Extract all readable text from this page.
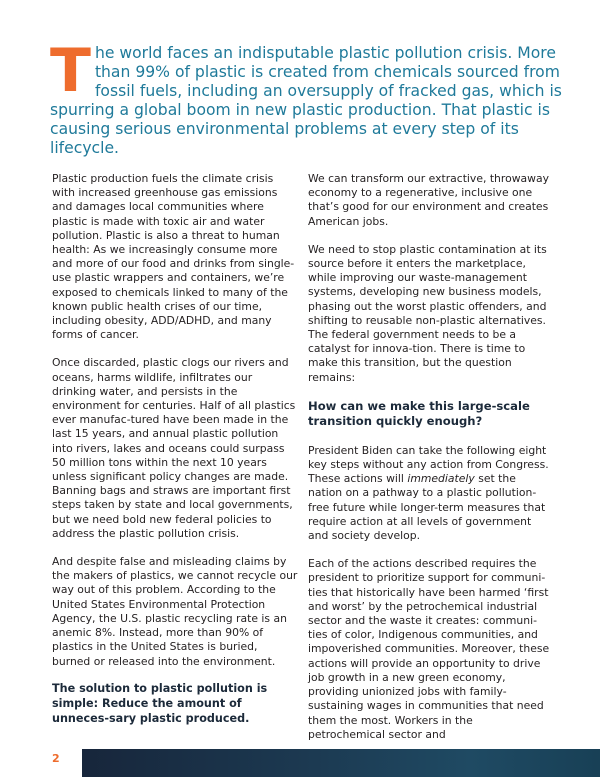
The world faces an indisputable plastic pollution crisis. More than 99% of plastic is created from chemicals sourced from fossil fuels, including an oversupply of fracked gas, which is spurring a global boom in new plastic production. That plastic is causing serious environmental problems at every step of its lifecycle.

Plastic production fuels the climate crisis with increased greenhouse gas emissions and damages local communities where plastic is made with toxic air and water pollution. Plastic is also a threat to human health: As we increasingly consume more and more of our food and drinks from single-use plastic wrappers and containers, we’re exposed to chemicals linked to many of the known public health crises of our time, including obesity, ADD/ADHD, and many forms of cancer.

Once discarded, plastic clogs our rivers and oceans, harms wildlife, infiltrates our drinking water, and persists in the environment for centuries. Half of all plastics ever manufac-tured have been made in the last 15 years, and annual plastic pollution into rivers, lakes and oceans could surpass 50 million tons within the next 10 years unless significant policy changes are made. Banning bags and straws are important first steps taken by state and local governments, but we need bold new federal policies to address the plastic pollution crisis.

And despite false and misleading claims by the makers of plastics, we cannot recycle our way out of this problem. According to the United States Environmental Protection Agency, the U.S. plastic recycling rate is an anemic 8%. Instead, more than 90% of plastics in the United States is buried, burned or released into the environment.

The solution to plastic pollution is simple: Reduce the amount of unneces-sary plastic produced.

We can transform our extractive, throwaway economy to a regenerative, inclusive one that’s good for our environment and creates American jobs.

We need to stop plastic contamination at its source before it enters the marketplace, while improving our waste-management systems, developing new business models, phasing out the worst plastic offenders, and shifting to reusable non-plastic alternatives. The federal government needs to be a catalyst for innova-tion. There is time to make this transition, but the question remains:

How can we make this large-scale transition quickly enough?

President Biden can take the following eight key steps without any action from Congress. These actions will immediately set the nation on a pathway to a plastic pollution-free future while longer-term measures that require action at all levels of government and society develop.

Each of the actions described requires the president to prioritize support for communi-ties that historically have been harmed ‘first and worst’ by the petrochemical industrial sector and the waste it creates: communi-ties of color, Indigenous communities, and impoverished communities. Moreover, these actions will provide an opportunity to drive job growth in a new green economy, providing unionized jobs with family-sustaining wages in communities that need them the most. Workers in the petrochemical sector and

2
